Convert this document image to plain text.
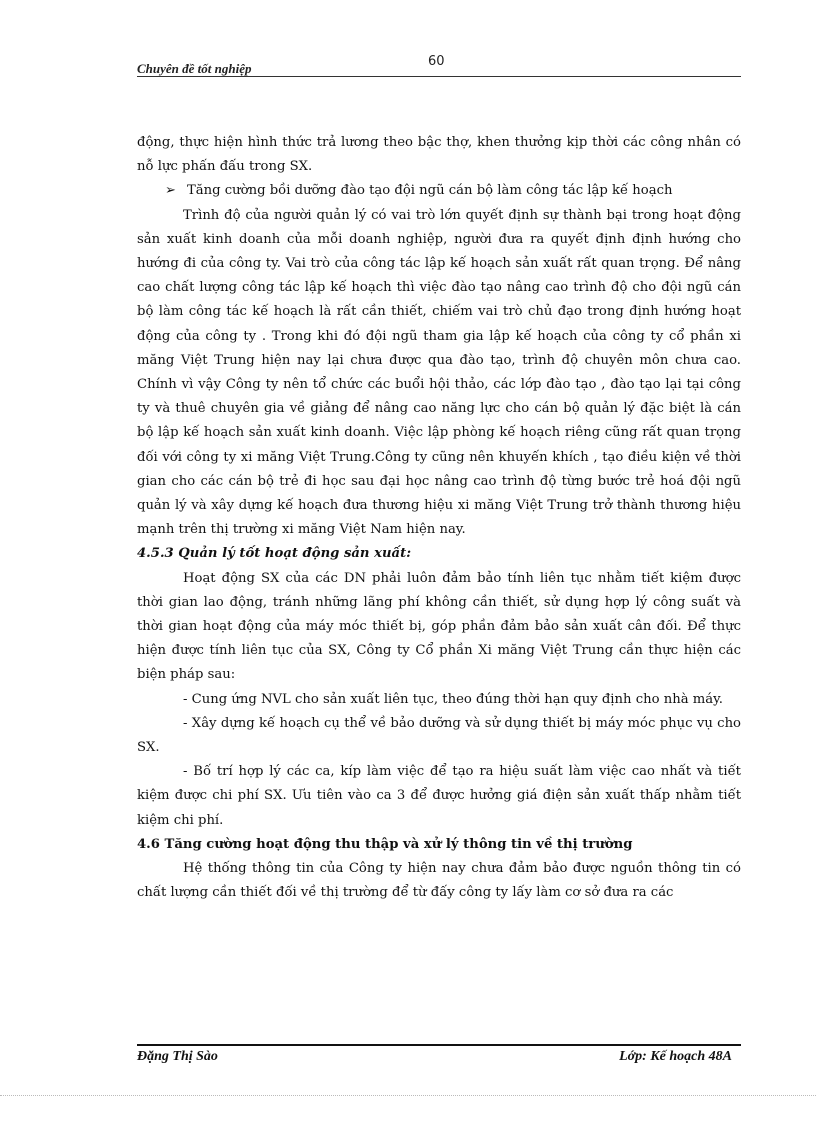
Chuyên đề tốt nghiệp	60

động, thực hiện hình thức trả lương theo bậc thợ, khen thưởng kịp thời các công nhân có nỗ lực phấn đấu trong SX.

➢ Tăng cường bồi dưỡng đào tạo đội ngũ cán bộ làm công tác lập kế hoạch

Trình độ của người quản lý có vai trò lớn quyết định sự thành bại trong hoạt động sản xuất kinh doanh của mỗi doanh nghiệp, người đưa ra quyết định định hướng cho hướng đi của công ty. Vai trò của công tác lập kế hoạch sản xuất rất quan trọng. Để nâng cao chất lượng công tác lập kế hoạch thì việc đào tạo nâng cao trình độ cho đội ngũ cán bộ làm công tác kế hoạch là rất cần thiết, chiếm vai trò chủ đạo trong định hướng hoạt động của công ty . Trong khi đó đội ngũ tham gia lập kế hoạch của công ty cổ phần xi măng Việt Trung hiện nay lại chưa được qua đào tạo, trình độ chuyên môn chưa cao. Chính vì vậy Công ty nên tổ chức các buổi hội thảo, các lớp đào tạo , đào tạo lại tại công ty và thuê chuyên gia về giảng để nâng cao năng lực cho cán bộ quản lý đặc biệt là cán bộ lập kế hoạch sản xuất kinh doanh. Việc lập phòng kế hoạch riêng cũng rất quan trọng đối với công ty xi măng Việt Trung.Công ty cũng nên khuyến khích , tạo điều kiện về thời gian cho các cán bộ trẻ đi học sau đại học nâng cao trình độ từng bước trẻ hoá đội ngũ quản lý và xây dựng kế hoạch đưa thương hiệu xi măng Việt Trung trở thành thương hiệu mạnh trên thị trường xi măng Việt Nam hiện nay.

4.5.3 Quản lý tốt hoạt động sản xuất:

Hoạt động SX của các DN phải luôn đảm bảo tính liên tục nhằm tiết kiệm được thời gian lao động, tránh những lãng phí không cần thiết, sử dụng hợp lý công suất và thời gian hoạt động của máy móc thiết bị, góp phần đảm bảo sản xuất cân đối. Để thực hiện được tính liên tục của SX, Công ty Cổ phần Xi măng Việt Trung cần thực hiện các biện pháp sau:

- Cung ứng NVL cho sản xuất liên tục, theo đúng thời hạn quy định cho nhà máy.

- Xây dựng kế hoạch cụ thể về bảo dưỡng và sử dụng thiết bị máy móc phục vụ cho SX.

- Bố trí hợp lý các ca, kíp làm việc để tạo ra hiệu suất làm việc cao nhất và tiết kiệm được chi phí SX. Ưu tiên vào ca 3 để được hưởng giá điện sản xuất thấp nhằm tiết kiệm chi phí.

4.6 Tăng cường hoạt động thu thập và xử lý thông tin về thị trường

Hệ thống thông tin của Công ty hiện nay chưa đảm bảo được nguồn thông tin có chất lượng cần thiết đối về thị trường để từ đấy công ty lấy làm cơ sở đưa ra các

Đặng Thị Sào	Lớp: Kế hoạch 48A
